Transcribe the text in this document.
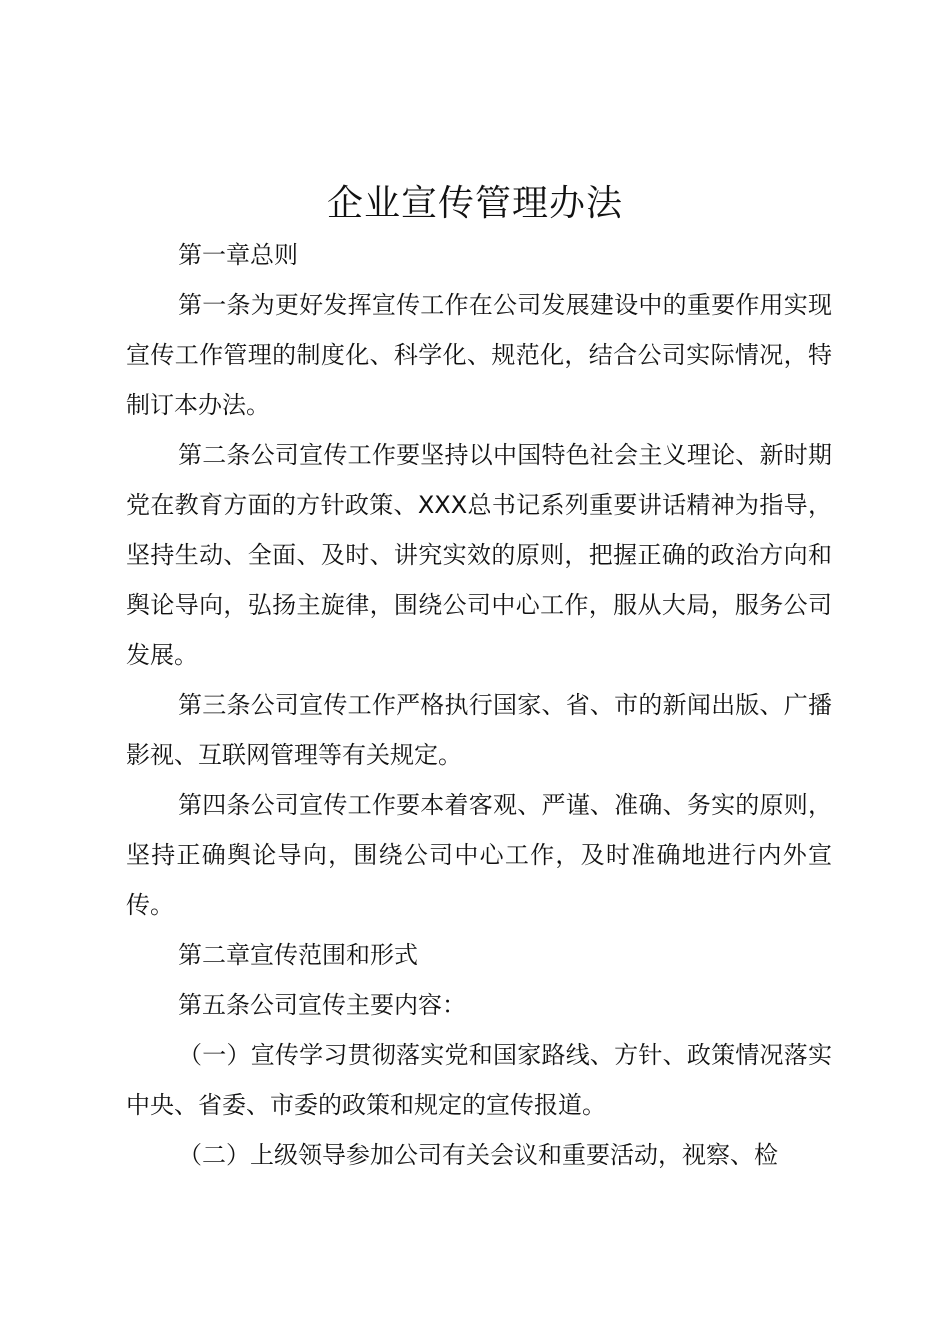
企业宣传管理办法

第一章总则

第一条为更好发挥宣传工作在公司发展建设中的重要作用实现宣传工作管理的制度化、科学化、规范化，结合公司实际情况，特制订本办法。

第二条公司宣传工作要坚持以中国特色社会主义理论、新时期党在教育方面的方针政策、XXX总书记系列重要讲话精神为指导，坚持生动、全面、及时、讲究实效的原则，把握正确的政治方向和舆论导向，弘扬主旋律，围绕公司中心工作，服从大局，服务公司发展。

第三条公司宣传工作严格执行国家、省、市的新闻出版、广播影视、互联网管理等有关规定。

第四条公司宣传工作要本着客观、严谨、准确、务实的原则，坚持正确舆论导向，围绕公司中心工作，及时准确地进行内外宣传。

第二章宣传范围和形式

第五条公司宣传主要内容：

（一）宣传学习贯彻落实党和国家路线、方针、政策情况落实中央、省委、市委的政策和规定的宣传报道。

（二）上级领导参加公司有关会议和重要活动，视察、检
